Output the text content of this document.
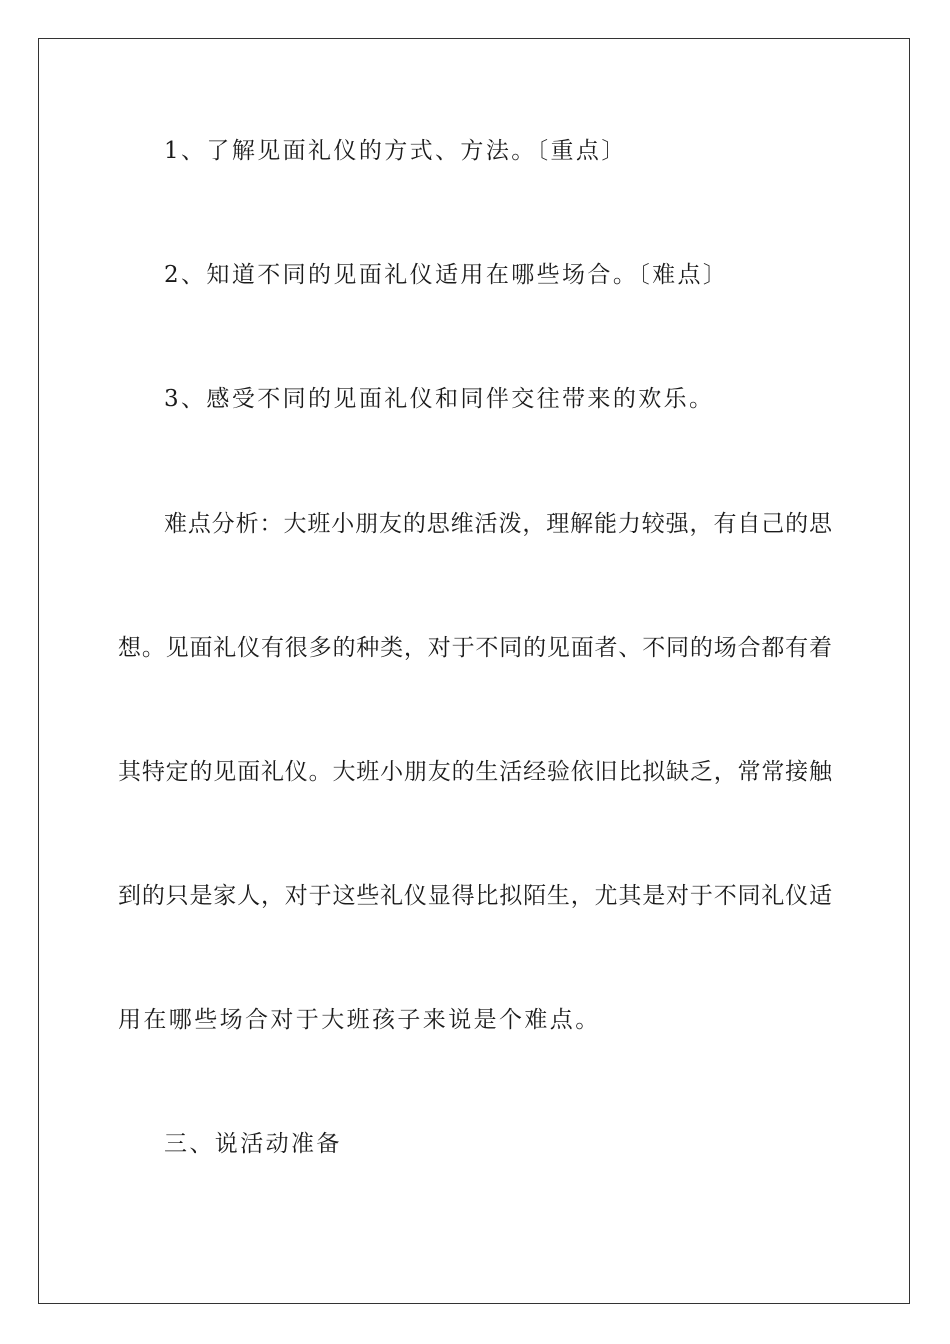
1、了解见面礼仪的方式、方法。〔重点〕
2、知道不同的见面礼仪适用在哪些场合。〔难点〕
3、感受不同的见面礼仪和同伴交往带来的欢乐。
难点分析：大班小朋友的思维活泼，理解能力较强，有自己的思
想。见面礼仪有很多的种类，对于不同的见面者、不同的场合都有着
其特定的见面礼仪。大班小朋友的生活经验依旧比拟缺乏，常常接触
到的只是家人，对于这些礼仪显得比拟陌生，尤其是对于不同礼仪适
用在哪些场合对于大班孩子来说是个难点。
三、说活动准备
